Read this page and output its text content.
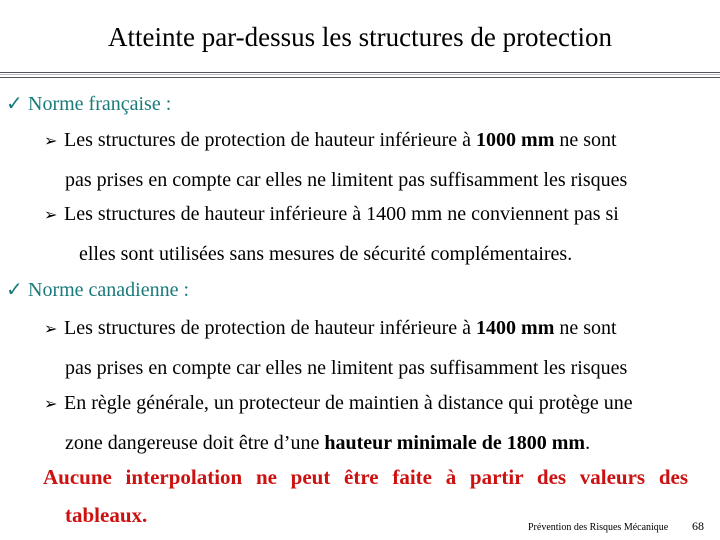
Atteinte par-dessus les structures de protection
✓ Norme française :
➢ Les structures de protection de hauteur inférieure à 1000 mm ne sont
pas prises en compte car elles ne limitent pas suffisamment les risques
➢ Les structures de hauteur inférieure à 1400 mm ne conviennent pas si
elles sont utilisées sans mesures de sécurité complémentaires.
✓ Norme canadienne :
➢ Les structures de protection de hauteur inférieure à 1400 mm ne sont
pas prises en compte car elles ne limitent pas suffisamment les risques
➢ En règle générale, un protecteur de maintien à distance qui protège une
zone dangereuse doit être d’une hauteur minimale de 1800 mm.
Aucune interpolation ne peut être faite à partir des valeurs des
tableaux.
Prévention des Risques Mécanique 68
